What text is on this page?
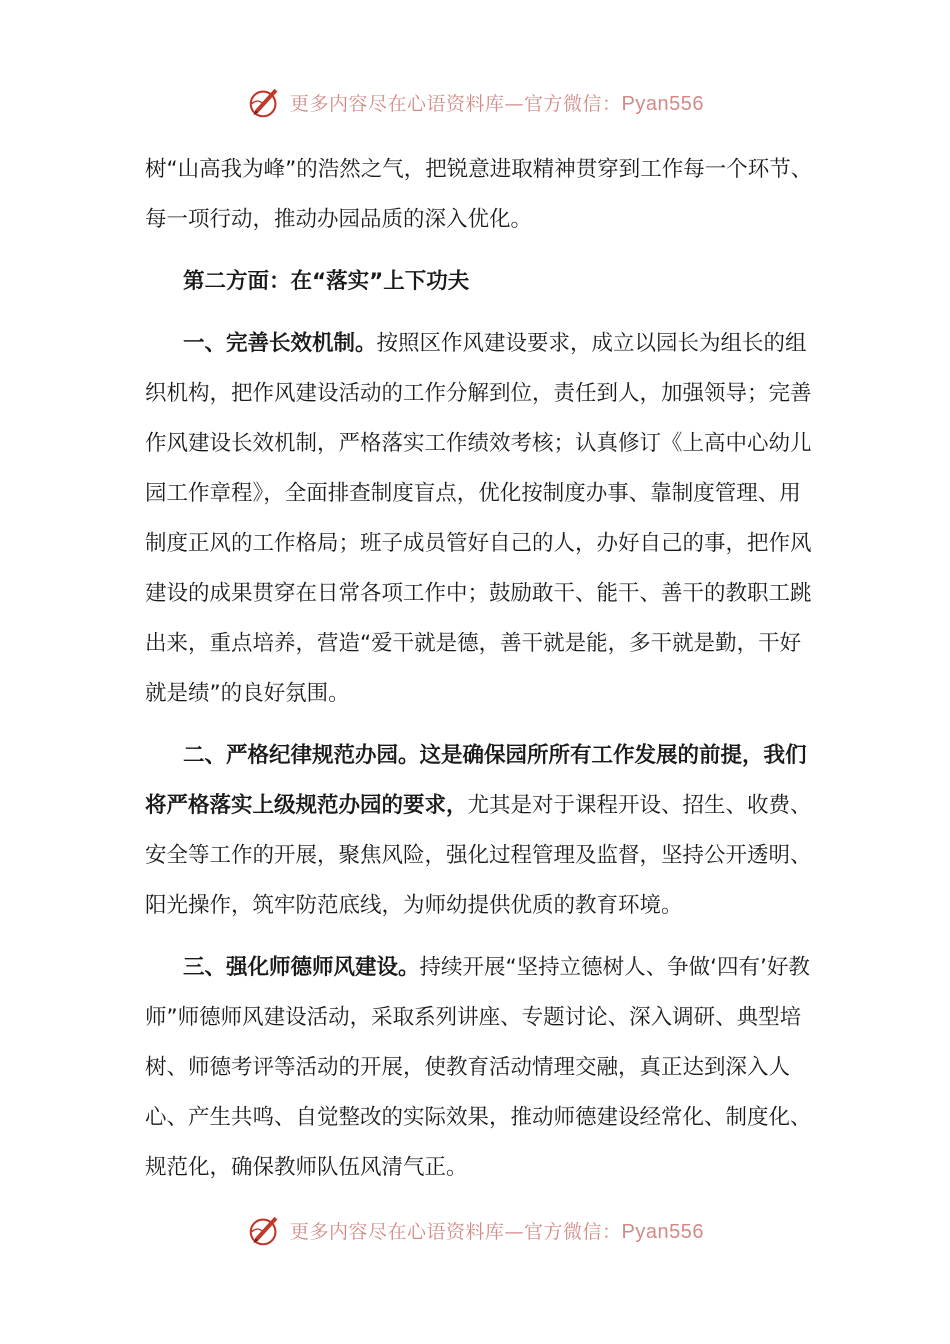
更多内容尽在心语资料库—官方微信：Pyan556

树“山高我为峰”的浩然之气，把锐意进取精神贯穿到工作每一个环节、每一项行动，推动办园品质的深入优化。

第二方面：在“落实”上下功夫

一、完善长效机制。按照区作风建设要求，成立以园长为组长的组织机构，把作风建设活动的工作分解到位，责任到人，加强领导；完善作风建设长效机制，严格落实工作绩效考核；认真修订《上高中心幼儿园工作章程》，全面排查制度盲点，优化按制度办事、靠制度管理、用制度正风的工作格局；班子成员管好自己的人，办好自己的事，把作风建设的成果贯穿在日常各项工作中；鼓励敢干、能干、善干的教职工跳出来，重点培养，营造“爱干就是德，善干就是能，多干就是勤，干好就是绩”的良好氛围。

二、严格纪律规范办园。这是确保园所所有工作发展的前提，我们将严格落实上级规范办园的要求，尤其是对于课程开设、招生、收费、安全等工作的开展，聚焦风险，强化过程管理及监督，坚持公开透明、阳光操作，筑牢防范底线，为师幼提供优质的教育环境。

三、强化师德师风建设。持续开展“坚持立德树人、争做‘四有’好教师”师德师风建设活动，采取系列讲座、专题讨论、深入调研、典型培树、师德考评等活动的开展，使教育活动情理交融，真正达到深入人心、产生共鸣、自觉整改的实际效果，推动师德建设经常化、制度化、规范化，确保教师队伍风清气正。

更多内容尽在心语资料库—官方微信：Pyan556
